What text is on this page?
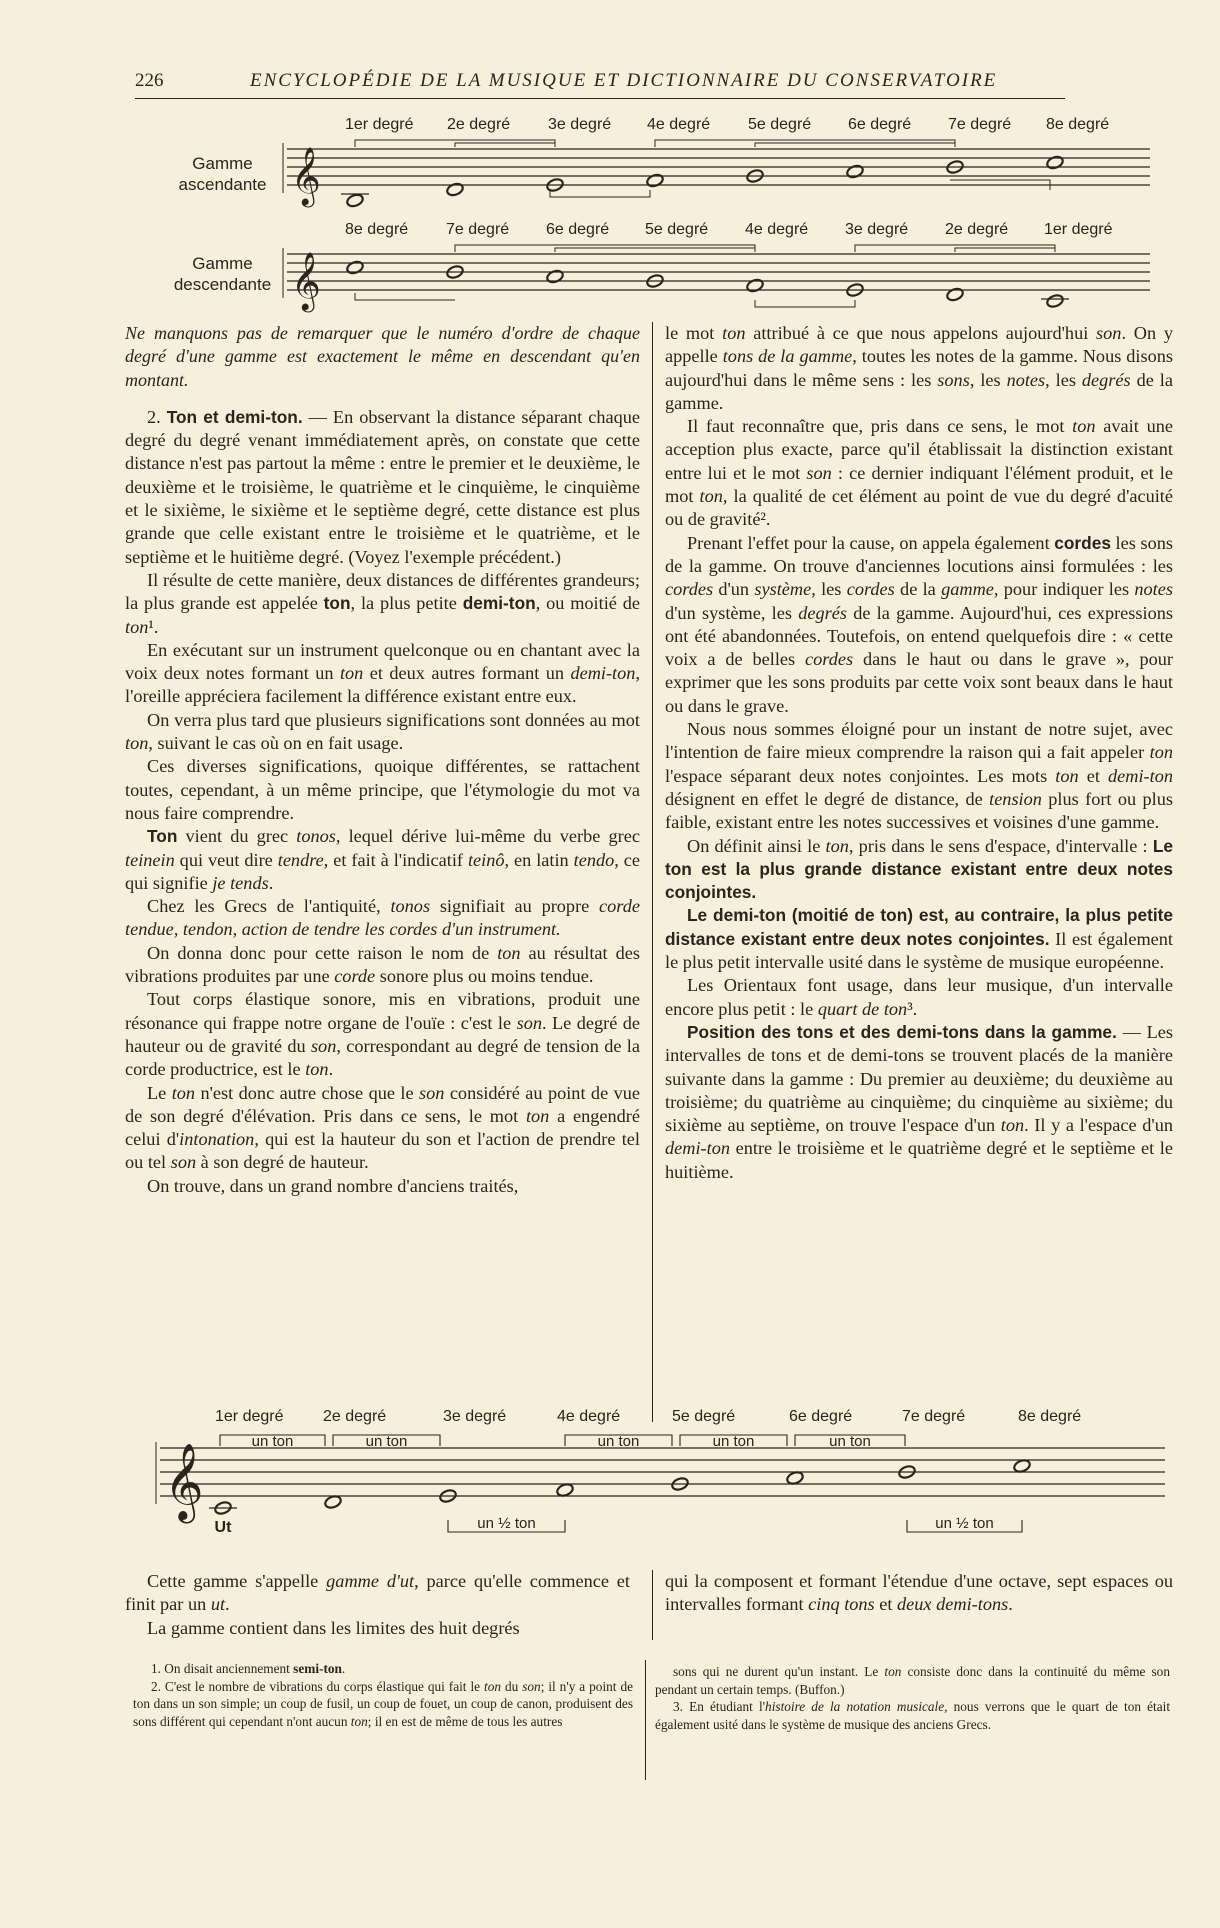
226	ENCYCLOPÉDIE DE LA MUSIQUE ET DICTIONNAIRE DU CONSERVATOIRE
Gamme
ascendante
1er degré 2e degré 3e degré 4e degré 5e degré 6e degré 7e degré 8e degré
𝄞
Gamme
descendante
8e degré 7e degré 6e degré 5e degré 4e degré 3e degré 2e degré 1er degré
𝄞

Ne manquons pas de remarquer que le numéro d'ordre de chaque degré d'une gamme est exactement le même en descendant qu'en montant.

2. Ton et demi-ton. — En observant la distance séparant chaque degré du degré venant immédiatement après, on constate que cette distance n'est pas partout la même : entre le premier et le deuxième, le deuxième et le troisième, le quatrième et le cinquième, le cinquième et le sixième, le sixième et le septième degré, cette distance est plus grande que celle existant entre le troisième et le quatrième, et le septième et le huitième degré. (Voyez l'exemple précédent.)

Il résulte de cette manière, deux distances de différentes grandeurs; la plus grande est appelée ton, la plus petite demi-ton, ou moitié de ton¹.

En exécutant sur un instrument quelconque ou en chantant avec la voix deux notes formant un ton et deux autres formant un demi-ton, l'oreille appréciera facilement la différence existant entre eux.

On verra plus tard que plusieurs significations sont données au mot ton, suivant le cas où on en fait usage.

Ces diverses significations, quoique différentes, se rattachent toutes, cependant, à un même principe, que l'étymologie du mot va nous faire comprendre.

Ton vient du grec tonos, lequel dérive lui-même du verbe grec teinein qui veut dire tendre, et fait à l'indicatif teinô, en latin tendo, ce qui signifie je tends.

Chez les Grecs de l'antiquité, tonos signifiait au propre corde tendue, tendon, action de tendre les cordes d'un instrument.

On donna donc pour cette raison le nom de ton au résultat des vibrations produites par une corde sonore plus ou moins tendue.

Tout corps élastique sonore, mis en vibrations, produit une résonance qui frappe notre organe de l'ouïe : c'est le son. Le degré de hauteur ou de gravité du son, correspondant au degré de tension de la corde productrice, est le ton.

Le ton n'est donc autre chose que le son considéré au point de vue de son degré d'élévation. Pris dans ce sens, le mot ton a engendré celui d'intonation, qui est la hauteur du son et l'action de prendre tel ou tel son à son degré de hauteur.

On trouve, dans un grand nombre d'anciens traités,

le mot ton attribué à ce que nous appelons aujourd'hui son. On y appelle tons de la gamme, toutes les notes de la gamme. Nous disons aujourd'hui dans le même sens : les sons, les notes, les degrés de la gamme.

Il faut reconnaître que, pris dans ce sens, le mot ton avait une acception plus exacte, parce qu'il établissait la distinction existant entre lui et le mot son : ce dernier indiquant l'élément produit, et le mot ton, la qualité de cet élément au point de vue du degré d'acuité ou de gravité².

Prenant l'effet pour la cause, on appela également cordes les sons de la gamme. On trouve d'anciennes locutions ainsi formulées : les cordes d'un système, les cordes de la gamme, pour indiquer les notes d'un système, les degrés de la gamme. Aujourd'hui, ces expressions ont été abandonnées. Toutefois, on entend quelquefois dire : « cette voix a de belles cordes dans le haut ou dans le grave », pour exprimer que les sons produits par cette voix sont beaux dans le haut ou dans le grave.

Nous nous sommes éloigné pour un instant de notre sujet, avec l'intention de faire mieux comprendre la raison qui a fait appeler ton l'espace séparant deux notes conjointes. Les mots ton et demi-ton désignent en effet le degré de distance, de tension plus fort ou plus faible, existant entre les notes successives et voisines d'une gamme.

On définit ainsi le ton, pris dans le sens d'espace, d'intervalle : Le ton est la plus grande distance existant entre deux notes conjointes.

Le demi-ton (moitié de ton) est, au contraire, la plus petite distance existant entre deux notes conjointes. Il est également le plus petit intervalle usité dans le système de musique européenne.

Les Orientaux font usage, dans leur musique, d'un intervalle encore plus petit : le quart de ton³.

Position des tons et des demi-tons dans la gamme. — Les intervalles de tons et de demi-tons se trouvent placés de la manière suivante dans la gamme : Du premier au deuxième; du deuxième au troisième; du quatrième au cinquième; du cinquième au sixième; du sixième au septième, on trouve l'espace d'un ton. Il y a l'espace d'un demi-ton entre le troisième et le quatrième degré et le septième et le huitième.

1er degré 2e degré	3e degré	4e degré	5e degré	6e degré	7e degré	8e degré
𝄞
un ton	un ton	un ton	un ton	un ton
un ½ ton	un ½ ton
Ut

Cette gamme s'appelle gamme d'ut, parce qu'elle commence et finit par un ut.

La gamme contient dans les limites des huit degrés

qui la composent et formant l'étendue d'une octave, sept espaces ou intervalles formant cinq tons et deux demi-tons.

1. On disait anciennement semi-ton.

2. C'est le nombre de vibrations du corps élastique qui fait le ton du son; il n'y a point de ton dans un son simple; un coup de fusil, un coup de fouet, un coup de canon, produisent des sons différent qui cependant n'ont aucun ton; il en est de même de tous les autres

sons qui ne durent qu'un instant. Le ton consiste donc dans la continuité du même son pendant un certain temps. (Buffon.)

3. En étudiant l'histoire de la notation musicale, nous verrons que le quart de ton était également usité dans le système de musique des anciens Grecs.
